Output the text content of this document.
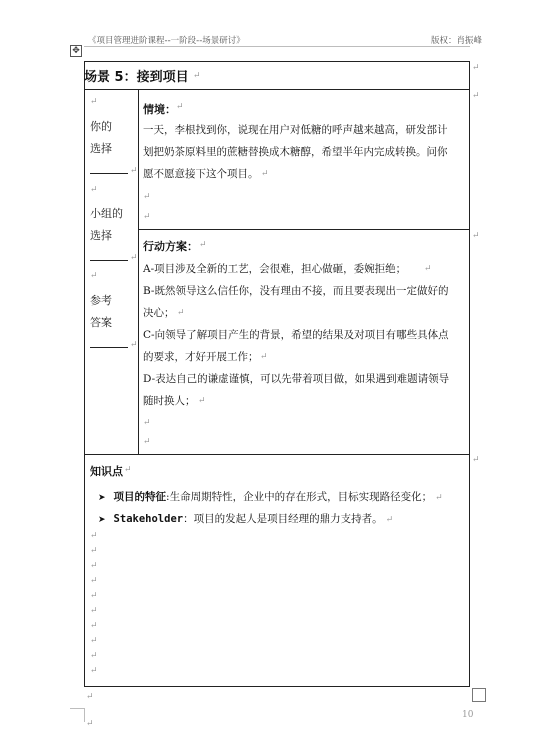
《项目管理进阶课程--一阶段--场景研讨》	版权：肖振峰
✥
10
场景 5：接到项目 ↵
↵
↵
↵
↵
↵
你的
选择
↵
↵
小组的
选择
↵
↵
参考
答案
↵
情境： ↵
一天，李根找到你，说现在用户对低糖的呼声越来越高，研发部计
划把奶茶原料里的蔗糖替换成木糖醇，希望半年内完成转换。问你
愿不愿意接下这个项目。 ↵
↵
↵
行动方案： ↵
A-项目涉及全新的工艺，会很难，担心做砸，委婉拒绝； ↵
B-既然领导这么信任你，没有理由不接，而且要表现出一定做好的
决心； ↵
C-向领导了解项目产生的背景，希望的结果及对项目有哪些具体点
的要求，才好开展工作； ↵
D-表达自己的谦虚谨慎，可以先带着项目做，如果遇到难题请领导
随时换人； ↵
↵
↵
知识点 ↵
➤ 项目的特征:生命周期特性，企业中的存在形式，目标实现路径变化； ↵
➤ Stakeholder：项目的发起人是项目经理的鼎力支持者。 ↵
↵
↵
↵
↵
↵
↵
↵
↵
↵
↵
↵
↵
